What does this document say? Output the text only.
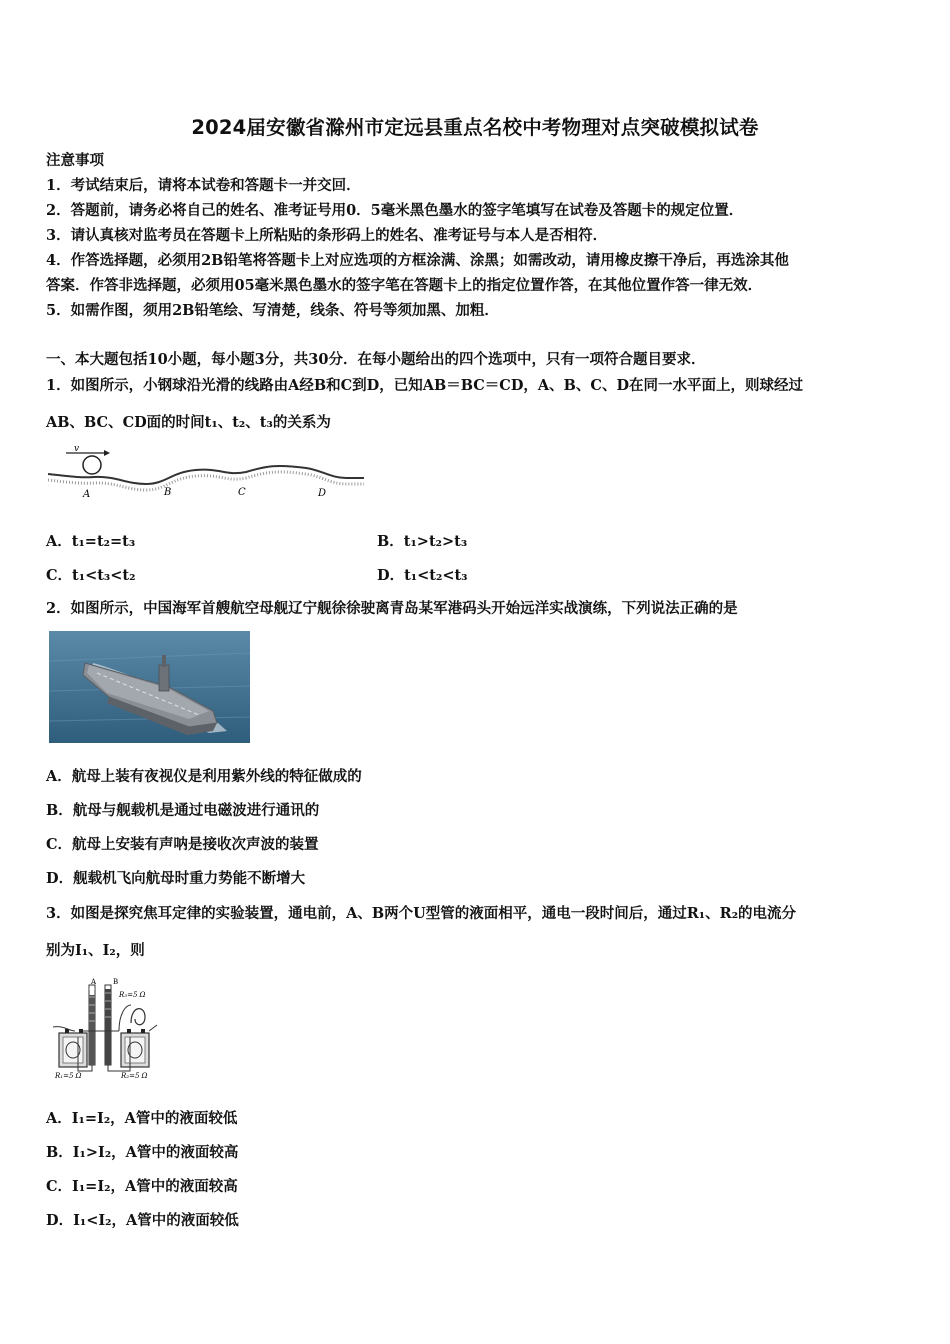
2024届安徽省滁州市定远县重点名校中考物理对点突破模拟试卷
注意事项
1．考试结束后，请将本试卷和答题卡一并交回．
2．答题前，请务必将自己的姓名、准考证号用0．5毫米黑色墨水的签字笔填写在试卷及答题卡的规定位置．
3．请认真核对监考员在答题卡上所粘贴的条形码上的姓名、准考证号与本人是否相符．
4．作答选择题，必须用2B铅笔将答题卡上对应选项的方框涂满、涂黑；如需改动，请用橡皮擦干净后，再选涂其他
答案．作答非选择题，必须用05毫米黑色墨水的签字笔在答题卡上的指定位置作答，在其他位置作答一律无效．
5．如需作图，须用2B铅笔绘、写清楚，线条、符号等须加黑、加粗．
一、本大题包括10小题，每小题3分，共30分．在每小题给出的四个选项中，只有一项符合题目要求．
1．如图所示，小钢球沿光滑的线路由A经B和C到D，已知AB＝BC＝CD，A、B、C、D在同一水平面上，则球经过
AB、BC、CD面的时间t₁、t₂、t₃的关系为
v
A	B	C	D
A．t₁=t₂=t₃	B．t₁>t₂>t₃
C．t₁<t₃<t₂	D．t₁<t₂<t₃
2．如图所示，中国海军首艘航空母舰辽宁舰徐徐驶离青岛某军港码头开始远洋实战演练，下列说法正确的是
A．航母上装有夜视仪是利用紫外线的特征做成的
B．航母与舰载机是通过电磁波进行通讯的
C．航母上安装有声呐是接收次声波的装置
D．舰载机飞向航母时重力势能不断增大
3．如图是探究焦耳定律的实验装置，通电前，A、B两个U型管的液面相平，通电一段时间后，通过R₁、R₂的电流分
别为I₁、I₂，则
A B
R₃=5 Ω
R₁=5 Ω	R₂=5 Ω
A．I₁=I₂，A管中的液面较低
B．I₁>I₂，A管中的液面较高
C．I₁=I₂，A管中的液面较高
D．I₁<I₂，A管中的液面较低
